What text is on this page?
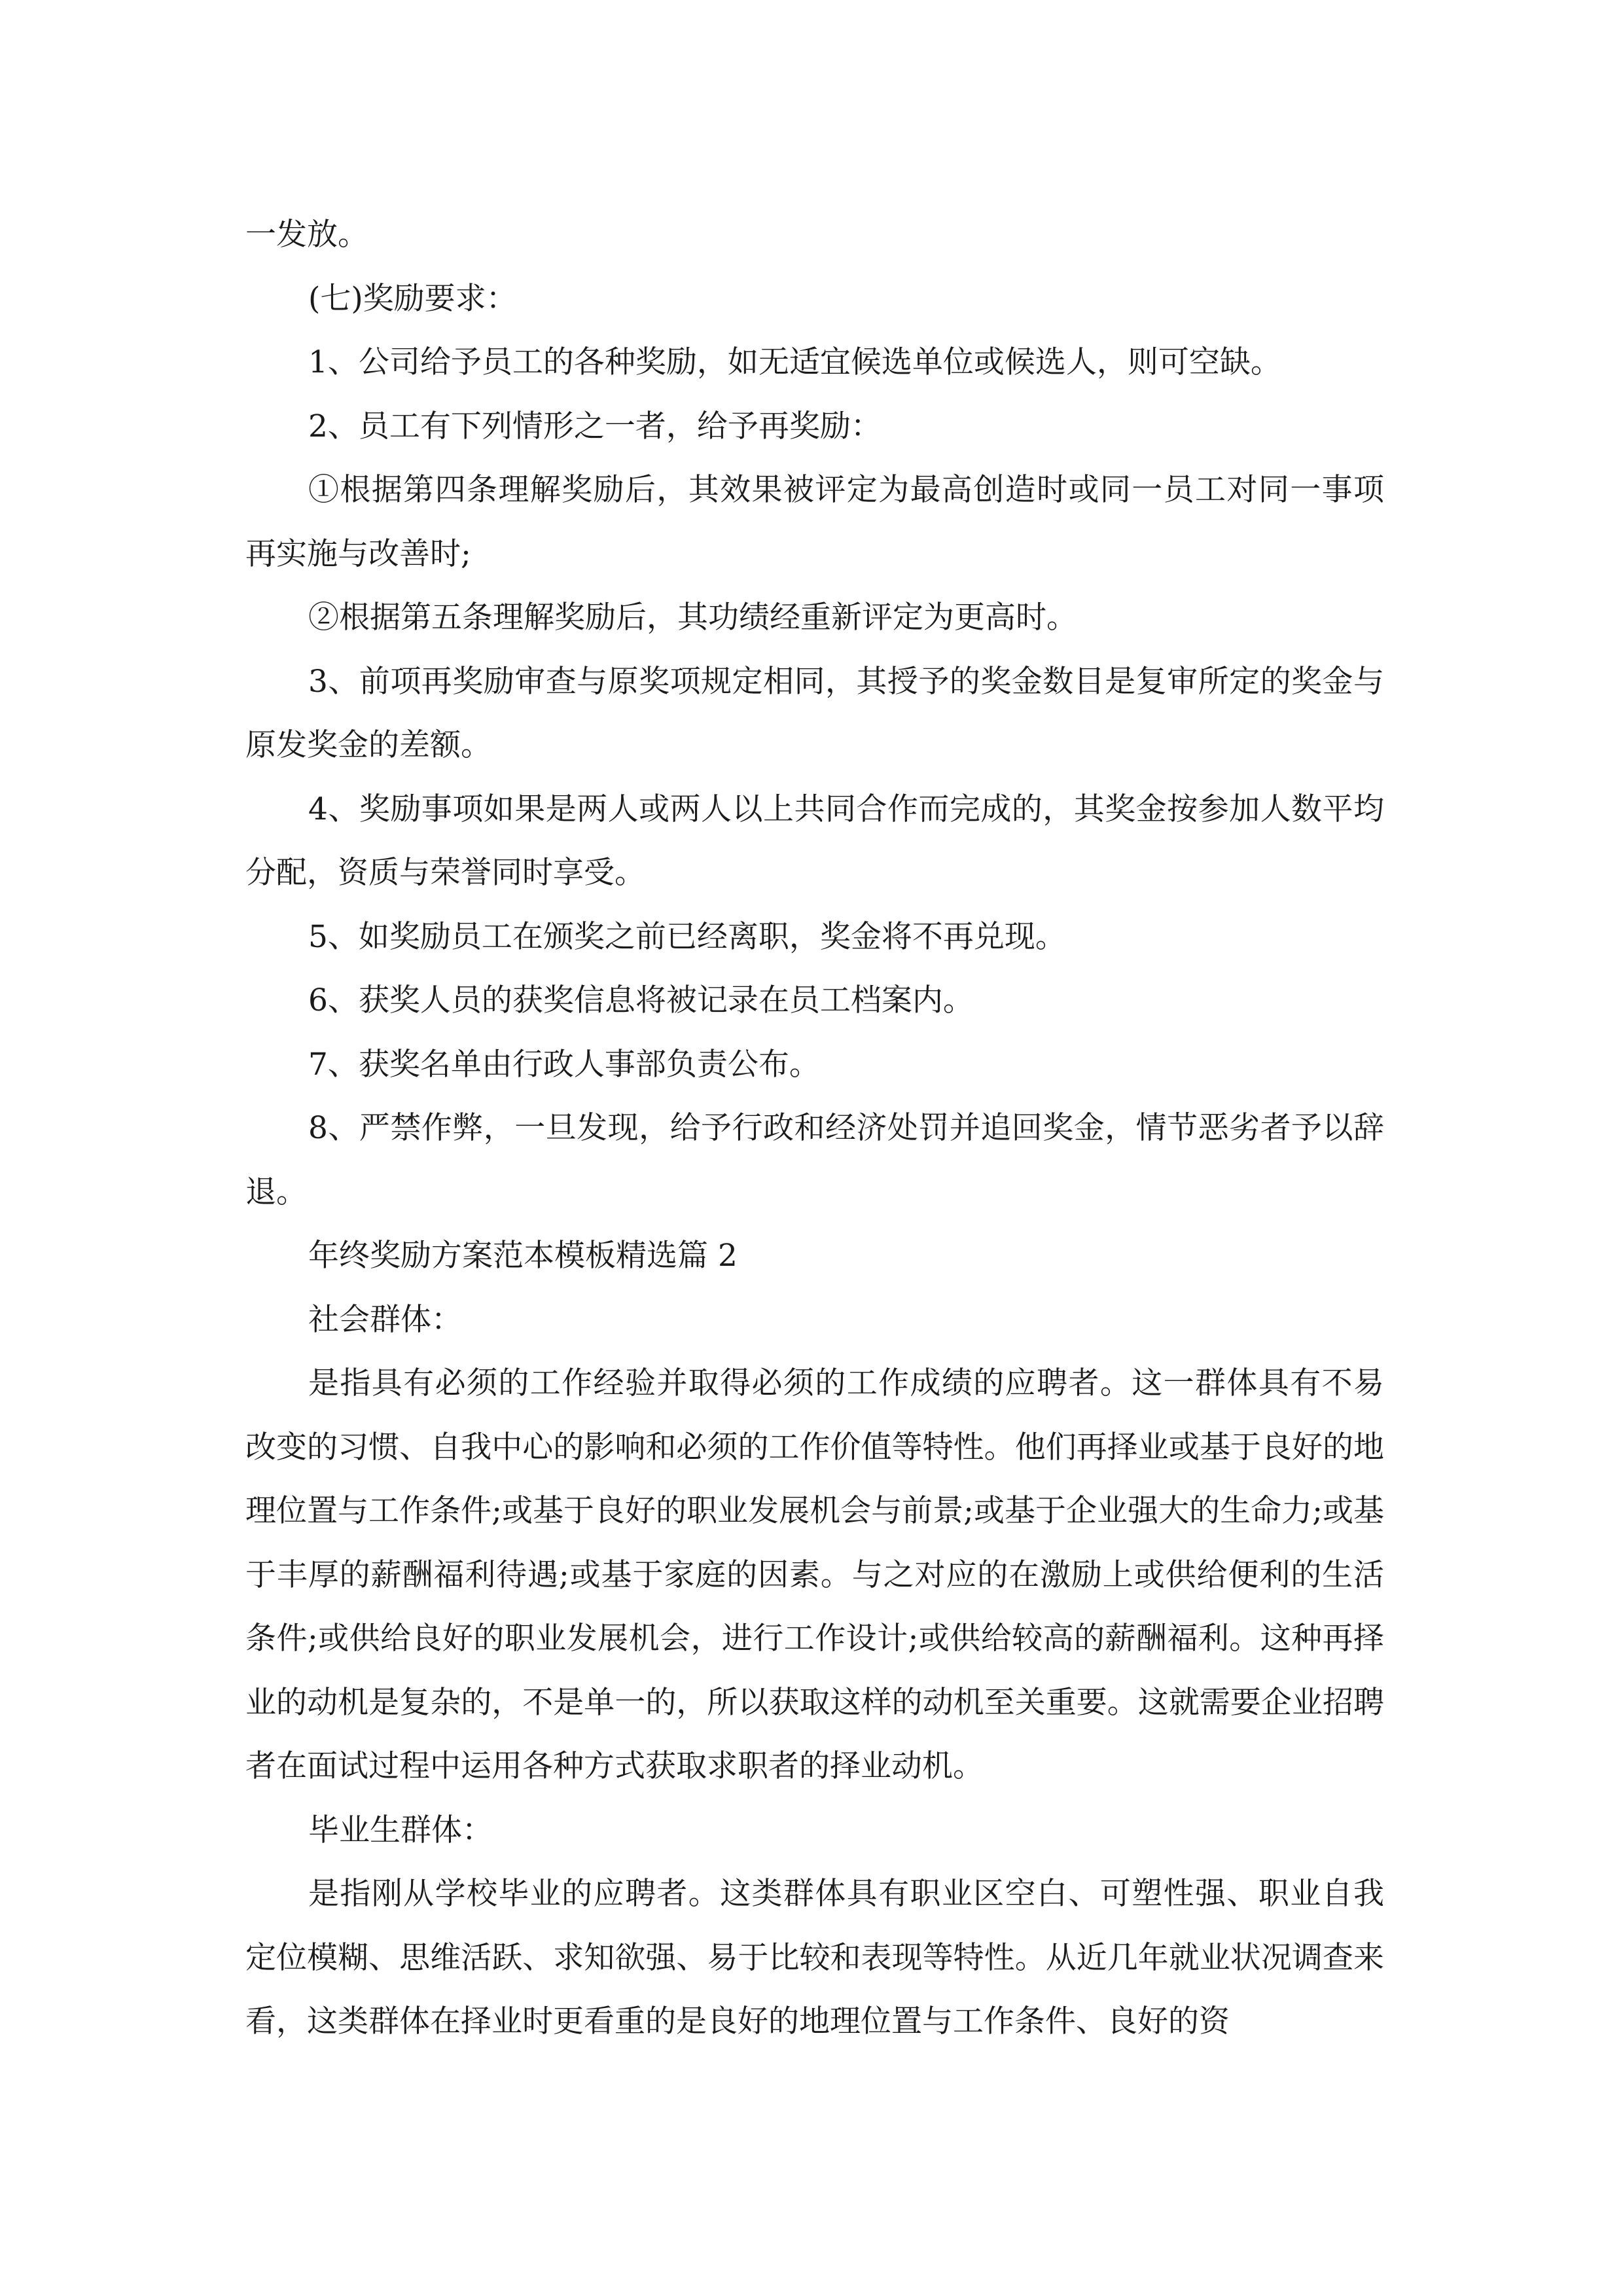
一发放。

(七)奖励要求：

1、公司给予员工的各种奖励，如无适宜候选单位或候选人，则可空缺。

2、员工有下列情形之一者，给予再奖励：

①根据第四条理解奖励后，其效果被评定为最高创造时或同一员工对同一事项再实施与改善时;

②根据第五条理解奖励后，其功绩经重新评定为更高时。

3、前项再奖励审查与原奖项规定相同，其授予的奖金数目是复审所定的奖金与原发奖金的差额。

4、奖励事项如果是两人或两人以上共同合作而完成的，其奖金按参加人数平均分配，资质与荣誉同时享受。

5、如奖励员工在颁奖之前已经离职，奖金将不再兑现。

6、获奖人员的获奖信息将被记录在员工档案内。

7、获奖名单由行政人事部负责公布。

8、严禁作弊，一旦发现，给予行政和经济处罚并追回奖金，情节恶劣者予以辞退。

年终奖励方案范本模板精选篇 2

社会群体：

是指具有必须的工作经验并取得必须的工作成绩的应聘者。这一群体具有不易改变的习惯、自我中心的影响和必须的工作价值等特性。他们再择业或基于良好的地理位置与工作条件;或基于良好的职业发展机会与前景;或基于企业强大的生命力;或基于丰厚的薪酬福利待遇;或基于家庭的因素。与之对应的在激励上或供给便利的生活条件;或供给良好的职业发展机会，进行工作设计;或供给较高的薪酬福利。这种再择业的动机是复杂的，不是单一的，所以获取这样的动机至关重要。这就需要企业招聘者在面试过程中运用各种方式获取求职者的择业动机。

毕业生群体：

是指刚从学校毕业的应聘者。这类群体具有职业区空白、可塑性强、职业自我定位模糊、思维活跃、求知欲强、易于比较和表现等特性。从近几年就业状况调查来看，这类群体在择业时更看重的是良好的地理位置与工作条件、良好的资
